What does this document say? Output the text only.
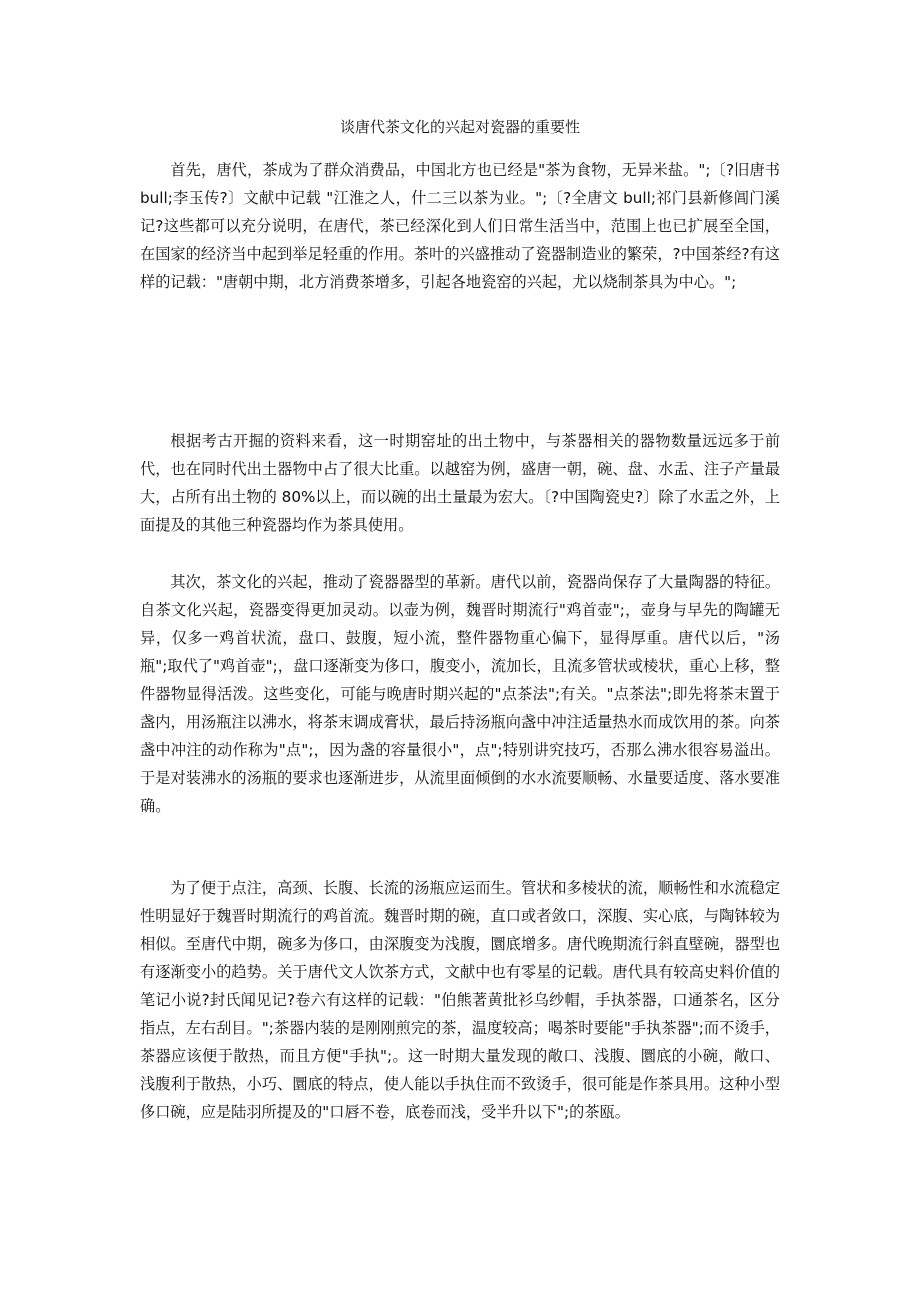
谈唐代茶文化的兴起对瓷器的重要性

首先，唐代，茶成为了群众消费品，中国北方也已经是"茶为食物，无异米盐。";〔?旧唐书 bull;李玉传?〕文献中记载 "江淮之人，什二三以茶为业。";〔?全唐文 bull;祁门县新修阊门溪记?这些都可以充分说明，在唐代，茶已经深化到人们日常生活当中，范围上也已扩展至全国，在国家的经济当中起到举足轻重的作用。茶叶的兴盛推动了瓷器制造业的繁荣，?中国茶经?有这样的记载："唐朝中期，北方消费茶增多，引起各地瓷窑的兴起，尤以烧制茶具为中心。";

根据考古开掘的资料来看，这一时期窑址的出土物中，与茶器相关的器物数量远远多于前代，也在同时代出土器物中占了很大比重。以越窑为例，盛唐一朝，碗、盘、水盂、注子产量最大，占所有出土物的 80%以上，而以碗的出土量最为宏大。〔?中国陶瓷史?〕除了水盂之外，上面提及的其他三种瓷器均作为茶具使用。

其次，茶文化的兴起，推动了瓷器器型的革新。唐代以前，瓷器尚保存了大量陶器的特征。自茶文化兴起，瓷器变得更加灵动。以壶为例，魏晋时期流行"鸡首壶";，壶身与早先的陶罐无异，仅多一鸡首状流，盘口、鼓腹，短小流，整件器物重心偏下，显得厚重。唐代以后，"汤瓶";取代了"鸡首壶";，盘口逐渐变为侈口，腹变小，流加长，且流多管状或棱状，重心上移，整件器物显得活泼。这些变化，可能与晚唐时期兴起的"点茶法";有关。"点茶法";即先将茶末置于盏内，用汤瓶注以沸水，将茶末调成膏状，最后持汤瓶向盏中冲注适量热水而成饮用的茶。向茶盏中冲注的动作称为"点";，因为盏的容量很小"，点";特别讲究技巧，否那么沸水很容易溢出。于是对装沸水的汤瓶的要求也逐渐进步，从流里面倾倒的水水流要顺畅、水量要适度、落水要准确。

为了便于点注，高颈、长腹、长流的汤瓶应运而生。管状和多棱状的流，顺畅性和水流稳定性明显好于魏晋时期流行的鸡首流。魏晋时期的碗，直口或者敛口，深腹、实心底，与陶钵较为相似。至唐代中期，碗多为侈口，由深腹变为浅腹，圜底增多。唐代晚期流行斜直壁碗，器型也有逐渐变小的趋势。关于唐代文人饮茶方式，文献中也有零星的记载。唐代具有较高史料价值的笔记小说?封氏闻见记?卷六有这样的记载："伯熊著黄批衫乌纱帽，手执茶器，口通茶名，区分指点，左右刮目。";茶器内装的是刚刚煎完的茶，温度较高；喝茶时要能"手执茶器";而不烫手，茶器应该便于散热，而且方便"手执";。这一时期大量发现的敞口、浅腹、圜底的小碗，敞口、浅腹利于散热，小巧、圜底的特点，使人能以手执住而不致烫手，很可能是作茶具用。这种小型侈口碗，应是陆羽所提及的"口唇不卷，底卷而浅，受半升以下";的茶瓯。
